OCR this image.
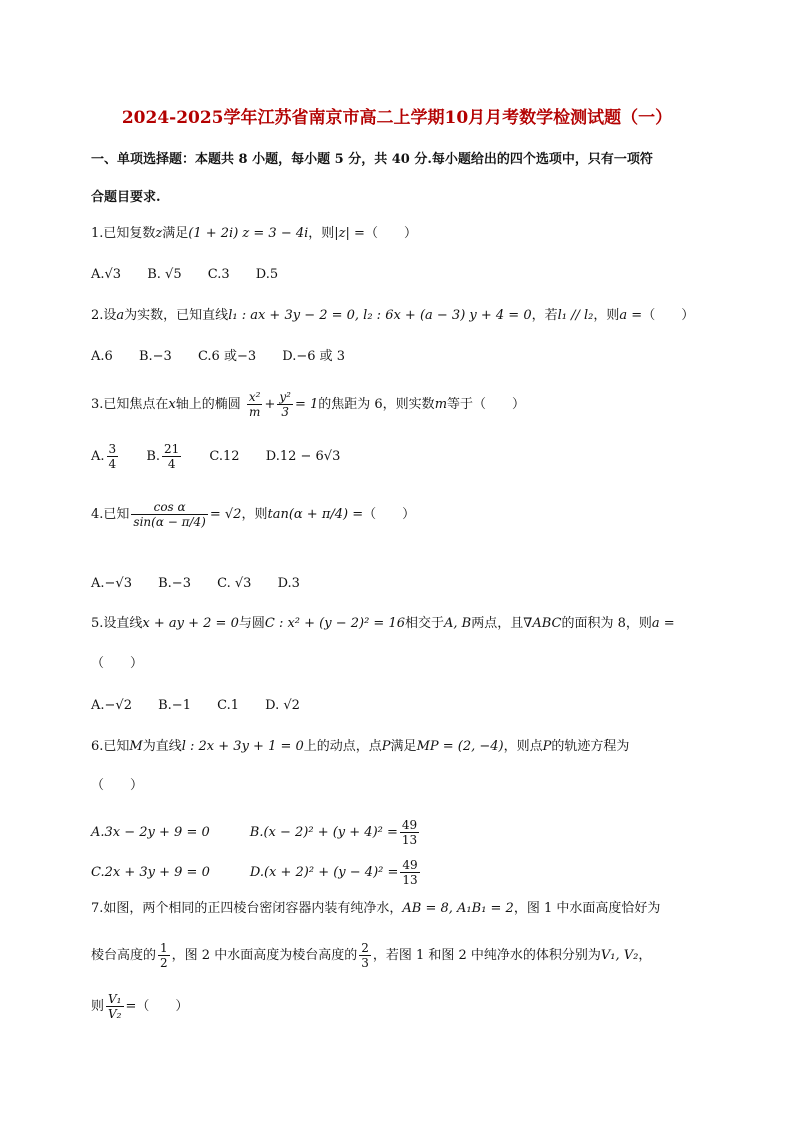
2024-2025学年江苏省南京市高二上学期10月月考数学检测试题（一）
一、单项选择题：本题共 8 小题，每小题 5 分，共 40 分.每小题给出的四个选项中，只有一项符
合题目要求.
1.已知复数z满足(1 + 2i) z = 3 − 4i，则|z| =（　　）
A.√3 B. √5 C.3 D.5
2.设a为实数，已知直线l₁ : ax + 3y − 2 = 0, l₂ : 6x + (a − 3) y + 4 = 0，若l₁ // l₂，则a =（　　）
A.6 B.−3 C.6 或−3 D.−6 或 3
3.已知焦点在x轴上的椭圆 $\frac{\text{x²}}{m} + \frac{\text{y²}}{3} = 1$的焦距为 6，则实数m等于（　　）
A. $\frac{3}{4} B$. $\frac{21}{4} C.12$ D.12 − 6√3
4.已知 $\frac{\text{cos α}}{\sin(\alpha - \pi/4)} = √2$，则tan(α + π/4) =（　　）
A.−√3 B.−3 C. √3 D.3
5.设直线x + ay + 2 = 0与圆C : x² + (y − 2)² = 16相交于A, B两点，且∇ABC的面积为 8，则a =
（　　）
A.−√2 B.−1 C.1 D. √2
6.已知M为直线l : 2x + 3y + 1 = 0上的动点，点P满足MP = (2, −4)，则点P的轨迹方程为
（　　）
A.3x − 2y + 9 = 0	$B.(x - 2)^2 + (y + 4)^2 = \frac{49}{13}$
C.2x + 3y + 9 = 0	$D.(x + 2)^2 + (y - 4)^2 = \frac{49}{13}$
7.如图，两个相同的正四棱台密闭容器内装有纯净水，AB = 8, A₁B₁ = 2，图 1 中水面高度恰好为
棱台高度的 $\frac{1}{2}$ ，图 2 中水面高度为棱台高度的 $\frac{2}{3}$ ，若图 1 和图 2 中纯净水的体积分别为V₁, V₂，
则 $\frac{\text{V₁}}{\text{V₂}}$ =（　　）
